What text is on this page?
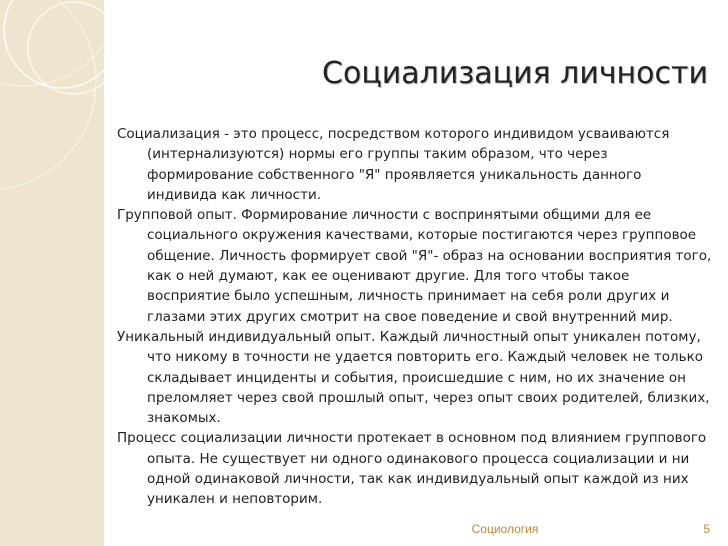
Социализация личности

Социализация - это процесс, посредством которого индивидом усваиваются (интернализуются) нормы его группы таким образом, что через формирование собственного "Я" проявляется уникальность данного индивида как личности.

Групповой опыт. Формирование личности с воспринятыми общими для ее социального окружения качествами, которые постигаются через групповое общение. Личность формирует свой "Я"- образ на основании восприятия того, как о ней думают, как ее оценивают другие. Для того чтобы такое восприятие было успешным, личность принимает на себя роли других и глазами этих других смотрит на свое поведение и свой внутренний мир.

Уникальный индивидуальный опыт. Каждый личностный опыт уникален потому, что никому в точности не удается повторить его. Каждый человек не только складывает инциденты и события, происшедшие с ним, но их значение он преломляет через свой прошлый опыт, через опыт своих родителей, близких, знакомых.

Процесс социализации личности протекает в основном под влиянием группового опыта. Не существует ни одного одинакового процесса социализации и ни одной одинаковой личности, так как индивидуальный опыт каждой из них уникален и неповторим.

Социология	5
